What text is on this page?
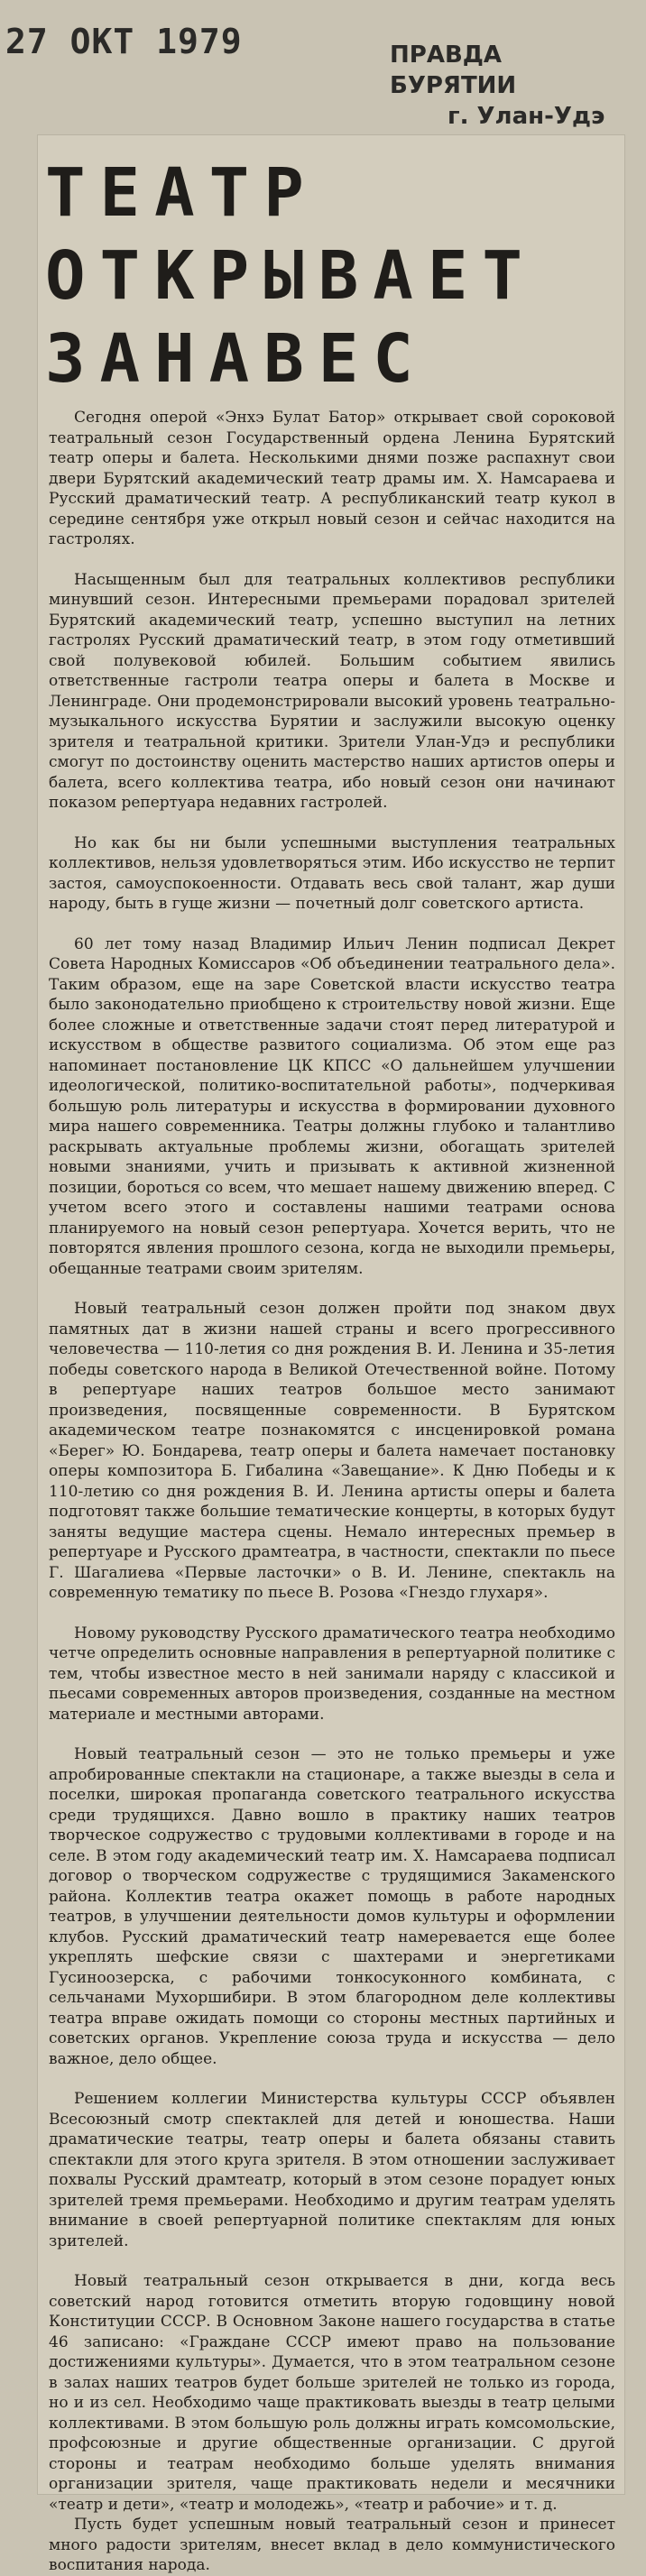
27 ОКТ 1979	ПРАВДА БУРЯТИИ
г. Улан-Удэ
ТЕАТР
ОТКРЫВАЕТ
ЗАНАВЕС

Сегодня оперой «Энхэ Булат Батор» открывает свой сороковой театральный сезон Государственный ордена Ленина Бурятский театр оперы и балета. Несколькими днями позже распахнут свои двери Бурятский академический театр драмы им. Х. Намсараева и Русский драматический театр. А республиканский театр кукол в середине сентября уже открыл новый сезон и сейчас находится на гастролях.

Насыщенным был для театральных коллективов республики минувший сезон. Интересными премьерами порадовал зрителей Бурятский академический театр, успешно выступил на летних гастролях Русский драматический театр, в этом году отметивший свой полувековой юбилей. Большим событием явились ответственные гастроли театра оперы и балета в Москве и Ленинграде. Они продемонстрировали высокий уровень театрально-музыкального искусства Бурятии и заслужили высокую оценку зрителя и театральной критики. Зрители Улан-Удэ и республики смогут по достоинству оценить мастерство наших артистов оперы и балета, всего коллектива театра, ибо новый сезон они начинают показом репертуара недавних гастролей.

Но как бы ни были успешными выступления театральных коллективов, нельзя удовлетворяться этим. Ибо искусство не терпит застоя, самоуспокоенности. Отдавать весь свой талант, жар души народу, быть в гуще жизни — почетный долг советского артиста.

60 лет тому назад Владимир Ильич Ленин подписал Декрет Совета Народных Комиссаров «Об объединении театрального дела». Таким образом, еще на заре Советской власти искусство театра было законодательно приобщено к строительству новой жизни. Еще более сложные и ответственные задачи стоят перед литературой и искусством в обществе развитого социализма. Об этом еще раз напоминает постановление ЦК КПСС «О дальнейшем улучшении идеологической, политико-воспитательной работы», подчеркивая большую роль литературы и искусства в формировании духовного мира нашего современника. Театры должны глубоко и талантливо раскрывать актуальные проблемы жизни, обогащать зрителей новыми знаниями, учить и призывать к активной жизненной позиции, бороться со всем, что мешает нашему движению вперед. С учетом всего этого и составлены нашими театрами основа планируемого на новый сезон репертуара. Хочется верить, что не повторятся явления прошлого сезона, когда не выходили премьеры, обещанные театрами своим зрителям.

Новый театральный сезон должен пройти под знаком двух памятных дат в жизни нашей страны и всего прогрессивного человечества — 110-летия со дня рождения В. И. Ленина и 35-летия победы советского народа в Великой Отечественной войне. Потому в репертуаре наших театров большое место занимают произведения, посвященные современности. В Бурятском академическом театре познакомятся с инсценировкой романа «Берег» Ю. Бондарева, театр оперы и балета намечает постановку оперы композитора Б. Гибалина «Завещание». К Дню Победы и к 110-летию со дня рождения В. И. Ленина артисты оперы и балета подготовят также большие тематические концерты, в которых будут заняты ведущие мастера сцены. Немало интересных премьер в репертуаре и Русского драмтеатра, в частности, спектакли по пьесе Г. Шагалиева «Первые ласточки» о В. И. Ленине, спектакль на современную тематику по пьесе В. Розова «Гнездо глухаря».

Новому руководству Русского драматического театра необходимо четче определить основные направления в репертуарной политике с тем, чтобы известное место в ней занимали наряду с классикой и пьесами современных авторов произведения, созданные на местном материале и местными авторами.

Новый театральный сезон — это не только премьеры и уже апробированные спектакли на стационаре, а также выезды в села и поселки, широкая пропаганда советского театрального искусства среди трудящихся. Давно вошло в практику наших театров творческое содружество с трудовыми коллективами в городе и на селе. В этом году академический театр им. Х. Намсараева подписал договор о творческом содружестве с трудящимися Закаменского района. Коллектив театра окажет помощь в работе народных театров, в улучшении деятельности домов культуры и оформлении клубов. Русский драматический театр намеревается еще более укреплять шефские связи с шахтерами и энергетиками Гусиноозерска, с рабочими тонкосуконного комбината, с сельчанами Мухоршибири. В этом благородном деле коллективы театра вправе ожидать помощи со стороны местных партийных и советских органов. Укрепление союза труда и искусства — дело важное, дело общее.

Решением коллегии Министерства культуры СССР объявлен Всесоюзный смотр спектаклей для детей и юношества. Наши драматические театры, театр оперы и балета обязаны ставить спектакли для этого круга зрителя. В этом отношении заслуживает похвалы Русский драмтеатр, который в этом сезоне порадует юных зрителей тремя премьерами. Необходимо и другим театрам уделять внимание в своей репертуарной политике спектаклям для юных зрителей.

Новый театральный сезон открывается в дни, когда весь советский народ готовится отметить вторую годовщину новой Конституции СССР. В Основном Законе нашего государства в статье 46 записано: «Граждане СССР имеют право на пользование достижениями культуры». Думается, что в этом театральном сезоне в залах наших театров будет больше зрителей не только из города, но и из сел. Необходимо чаще практиковать выезды в театр целыми коллективами. В этом большую роль должны играть комсомольские, профсоюзные и другие общественные организации. С другой стороны и театрам необходимо больше уделять внимания организации зрителя, чаще практиковать недели и месячники «театр и дети», «театр и молодежь», «театр и рабочие» и т. д.

Пусть будет успешным новый театральный сезон и принесет много радости зрителям, внесет вклад в дело коммунистического воспитания народа.
